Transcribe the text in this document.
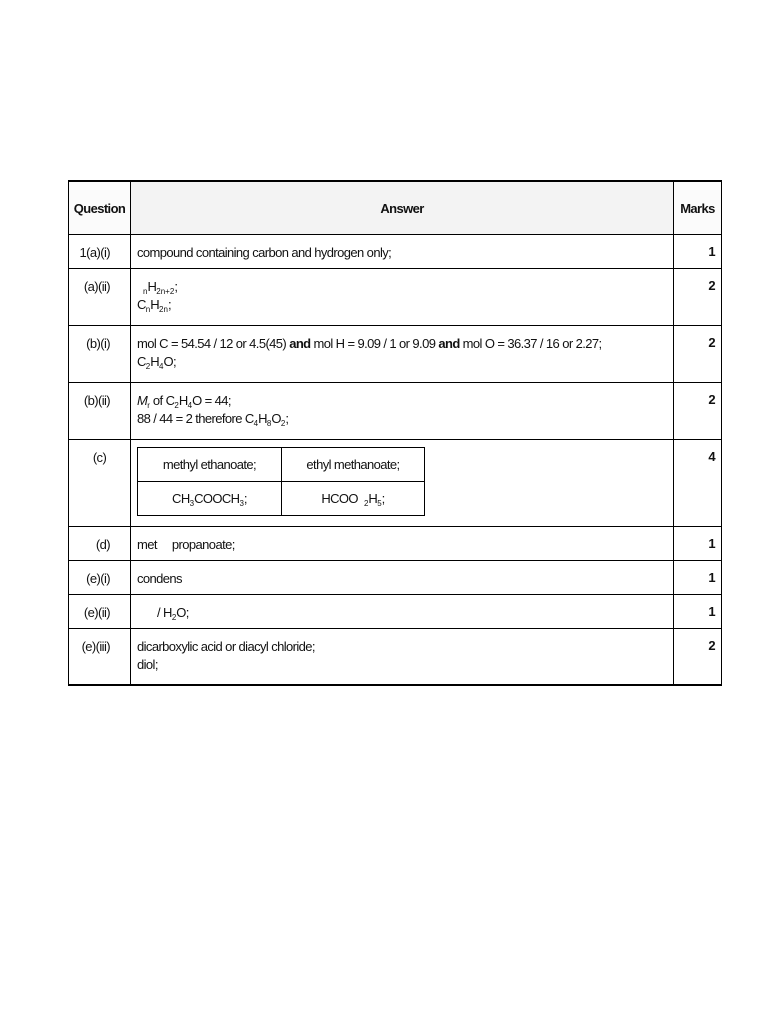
Question	Answer	Marks
1(a)(i)	compound containing carbon and hydrogen only;	1
(a)(ii)	$_nH_{2n+2}$;
$C_nH_{2n}$;
	2
(b)(i)	mol C = 54.54 / 12 or 4.5(45) and mol H = 9.09 / 1 or 9.09 and mol O = 36.37 / 16 or 2.27;
$C_2H_4O$;
	2
(b)(ii)	$M_r$ of $C_2H_4O = 44$;
88 / 44 = 2 therefore $C_4H_8O_2$;
	2
(c)		methyl ethanoate;	ethyl methanoate;
$CH_3COOCH_3$;	HCOO  $_2H_5$;
	4
(d)	met     propanoate;	1
(e)(i)	condens	1
(e)(ii)	/ $H_2O$;	1
(e)(iii)	dicarboxylic acid or diacyl chloride;
diol;
	2
